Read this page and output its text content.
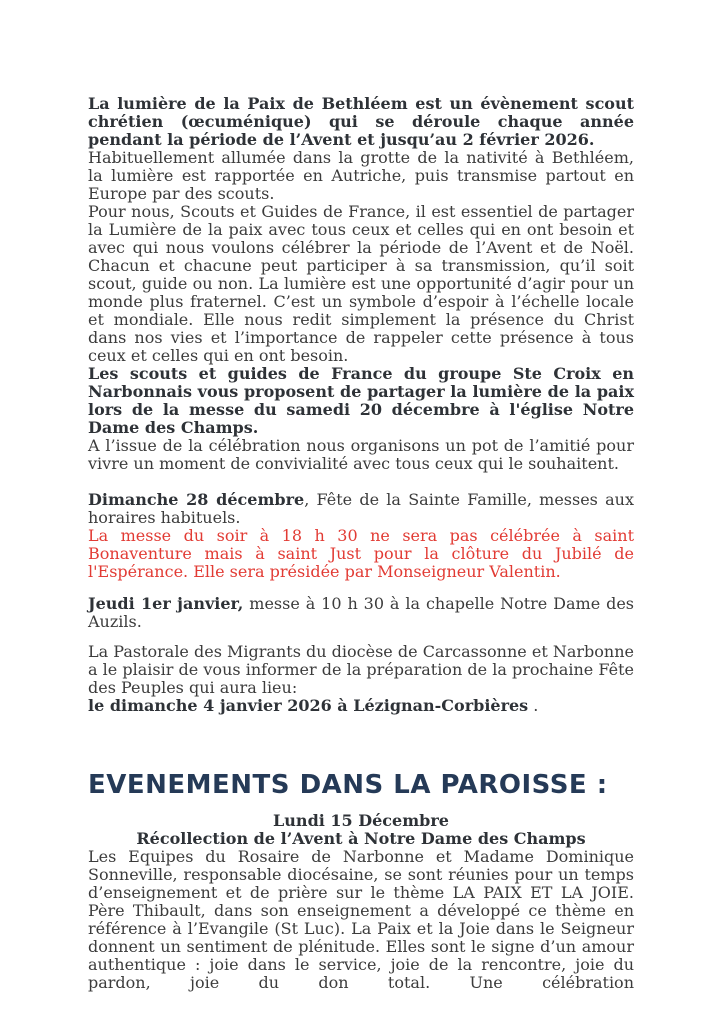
La lumière de la Paix de Bethléem est un évènement scout chrétien (œcuménique) qui se déroule chaque année pendant la période de l’Avent et jusqu’au 2 février 2026.

Habituellement allumée dans la grotte de la nativité à Bethléem, la lumière est rapportée en Autriche, puis transmise partout en Europe par des scouts.

Pour nous, Scouts et Guides de France, il est essentiel de partager la Lumière de la paix avec tous ceux et celles qui en ont besoin et avec qui nous voulons célébrer la période de l’Avent et de Noël. Chacun et chacune peut participer à sa transmission, qu’il soit scout, guide ou non. La lumière est une opportunité d’agir pour un monde plus fraternel. C’est un symbole d’espoir à l’échelle locale et mondiale. Elle nous redit simplement la présence du Christ dans nos vies et l’importance de rappeler cette présence à tous ceux et celles qui en ont besoin.

Les scouts et guides de France du groupe Ste Croix en Narbonnais vous proposent de partager la lumière de la paix lors de la messe du samedi 20 décembre à l'église Notre Dame des Champs.

A l’issue de la célébration nous organisons un pot de l’amitié pour vivre un moment de convivialité avec tous ceux qui le souhaitent.

Dimanche 28 décembre, Fête de la Sainte Famille, messes aux horaires habituels.

La messe du soir à 18 h 30 ne sera pas célébrée à saint Bonaventure mais à saint Just pour la clôture du Jubilé de l'Espérance. Elle sera présidée par Monseigneur Valentin.

Jeudi 1er janvier, messe à 10 h 30 à la chapelle Notre Dame des Auzils.

La Pastorale des Migrants du diocèse de Carcassonne et Narbonne a le plaisir de vous informer de la préparation de la prochaine Fête des Peuples qui aura lieu:

le dimanche 4 janvier 2026 à Lézignan-Corbières .

EVENEMENTS DANS LA PAROISSE :

Lundi 15 Décembre

Récollection de l’Avent à Notre Dame des Champs

Les Equipes du Rosaire de Narbonne et Madame Dominique Sonneville, responsable diocésaine, se sont réunies pour un temps d’enseignement et de prière sur le thème LA PAIX ET LA JOIE. Père Thibault, dans son enseignement a développé ce thème en référence à l’Evangile (St Luc). La Paix et la Joie dans le Seigneur donnent un sentiment de plénitude. Elles sont le signe d’un amour authentique : joie dans le service, joie de la rencontre, joie du pardon, joie du don total. Une célébration
